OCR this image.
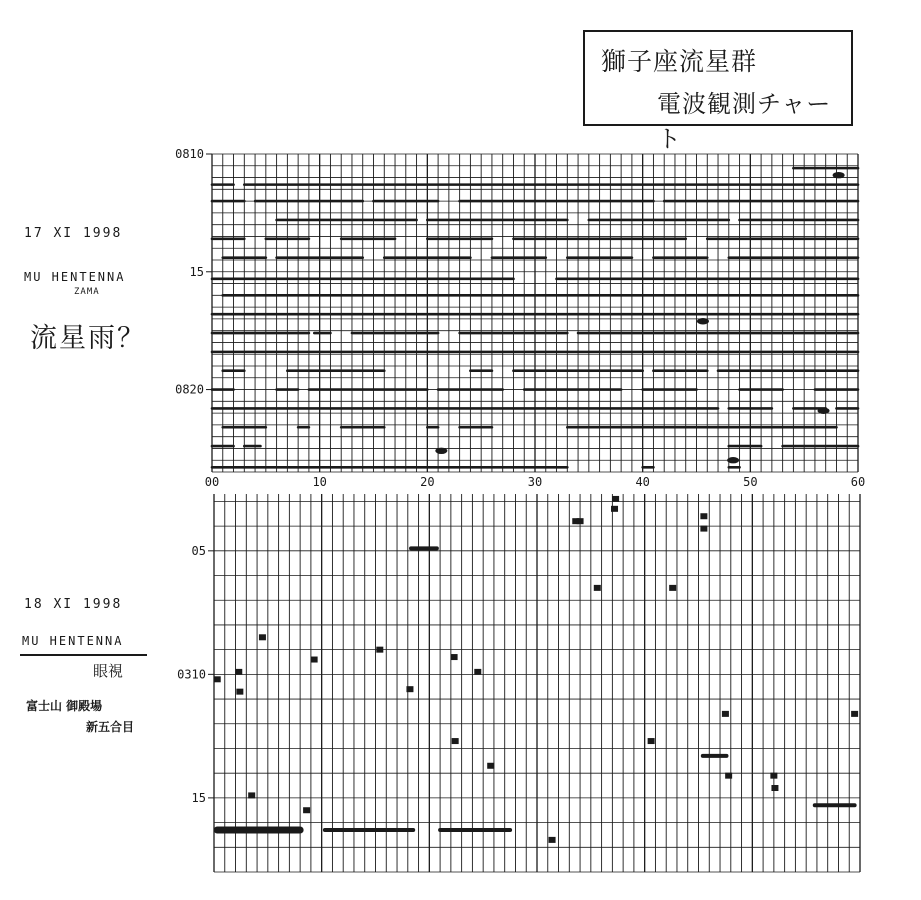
獅子座流星群
電波観測チャート
17 XI 1998
MU HENTENNA
ZAMA
流星雨？
18 XI 1998
MU HENTENNA
眼視
富士山 御殿場
新五合目
00	10	20	30	40	50	60
0810
15
0820
05
0310
15
